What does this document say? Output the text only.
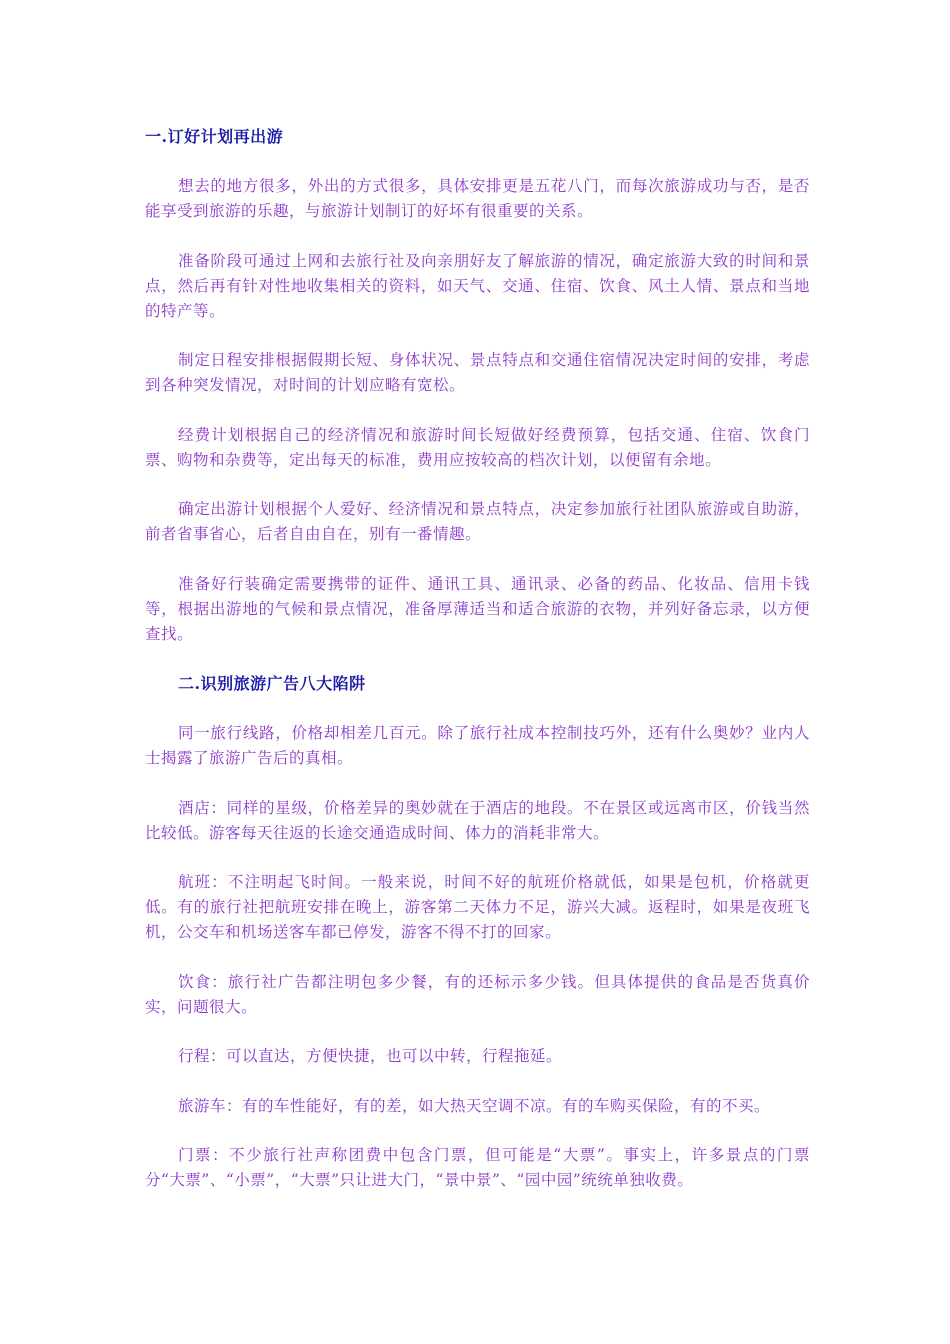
一.订好计划再出游

想去的地方很多，外出的方式很多，具体安排更是五花八门，而每次旅游成功与否，是否能享受到旅游的乐趣，与旅游计划制订的好坏有很重要的关系。

准备阶段可通过上网和去旅行社及向亲朋好友了解旅游的情况，确定旅游大致的时间和景点，然后再有针对性地收集相关的资料，如天气、交通、住宿、饮食、风土人情、景点和当地的特产等。

制定日程安排根据假期长短、身体状况、景点特点和交通住宿情况决定时间的安排，考虑到各种突发情况，对时间的计划应略有宽松。

经费计划根据自己的经济情况和旅游时间长短做好经费预算，包括交通、住宿、饮食门票、购物和杂费等，定出每天的标准，费用应按较高的档次计划，以便留有余地。

确定出游计划根据个人爱好、经济情况和景点特点，决定参加旅行社团队旅游或自助游，前者省事省心，后者自由自在，别有一番情趣。

准备好行装确定需要携带的证件、通讯工具、通讯录、必备的药品、化妆品、信用卡钱等，根据出游地的气候和景点情况，准备厚薄适当和适合旅游的衣物，并列好备忘录，以方便查找。

二.识别旅游广告八大陷阱

同一旅行线路，价格却相差几百元。除了旅行社成本控制技巧外，还有什么奥妙？业内人士揭露了旅游广告后的真相。

酒店：同样的星级，价格差异的奥妙就在于酒店的地段。不在景区或远离市区，价钱当然比较低。游客每天往返的长途交通造成时间、体力的消耗非常大。

航班：不注明起飞时间。一般来说，时间不好的航班价格就低，如果是包机，价格就更低。有的旅行社把航班安排在晚上，游客第二天体力不足，游兴大减。返程时，如果是夜班飞机，公交车和机场送客车都已停发，游客不得不打的回家。

饮食：旅行社广告都注明包多少餐，有的还标示多少钱。但具体提供的食品是否货真价实，问题很大。

行程：可以直达，方便快捷，也可以中转，行程拖延。

旅游车：有的车性能好，有的差，如大热天空调不凉。有的车购买保险，有的不买。

门票：不少旅行社声称团费中包含门票，但可能是“大票”。事实上，许多景点的门票分“大票”、“小票”，“大票”只让进大门，“景中景”、“园中园”统统单独收费。
